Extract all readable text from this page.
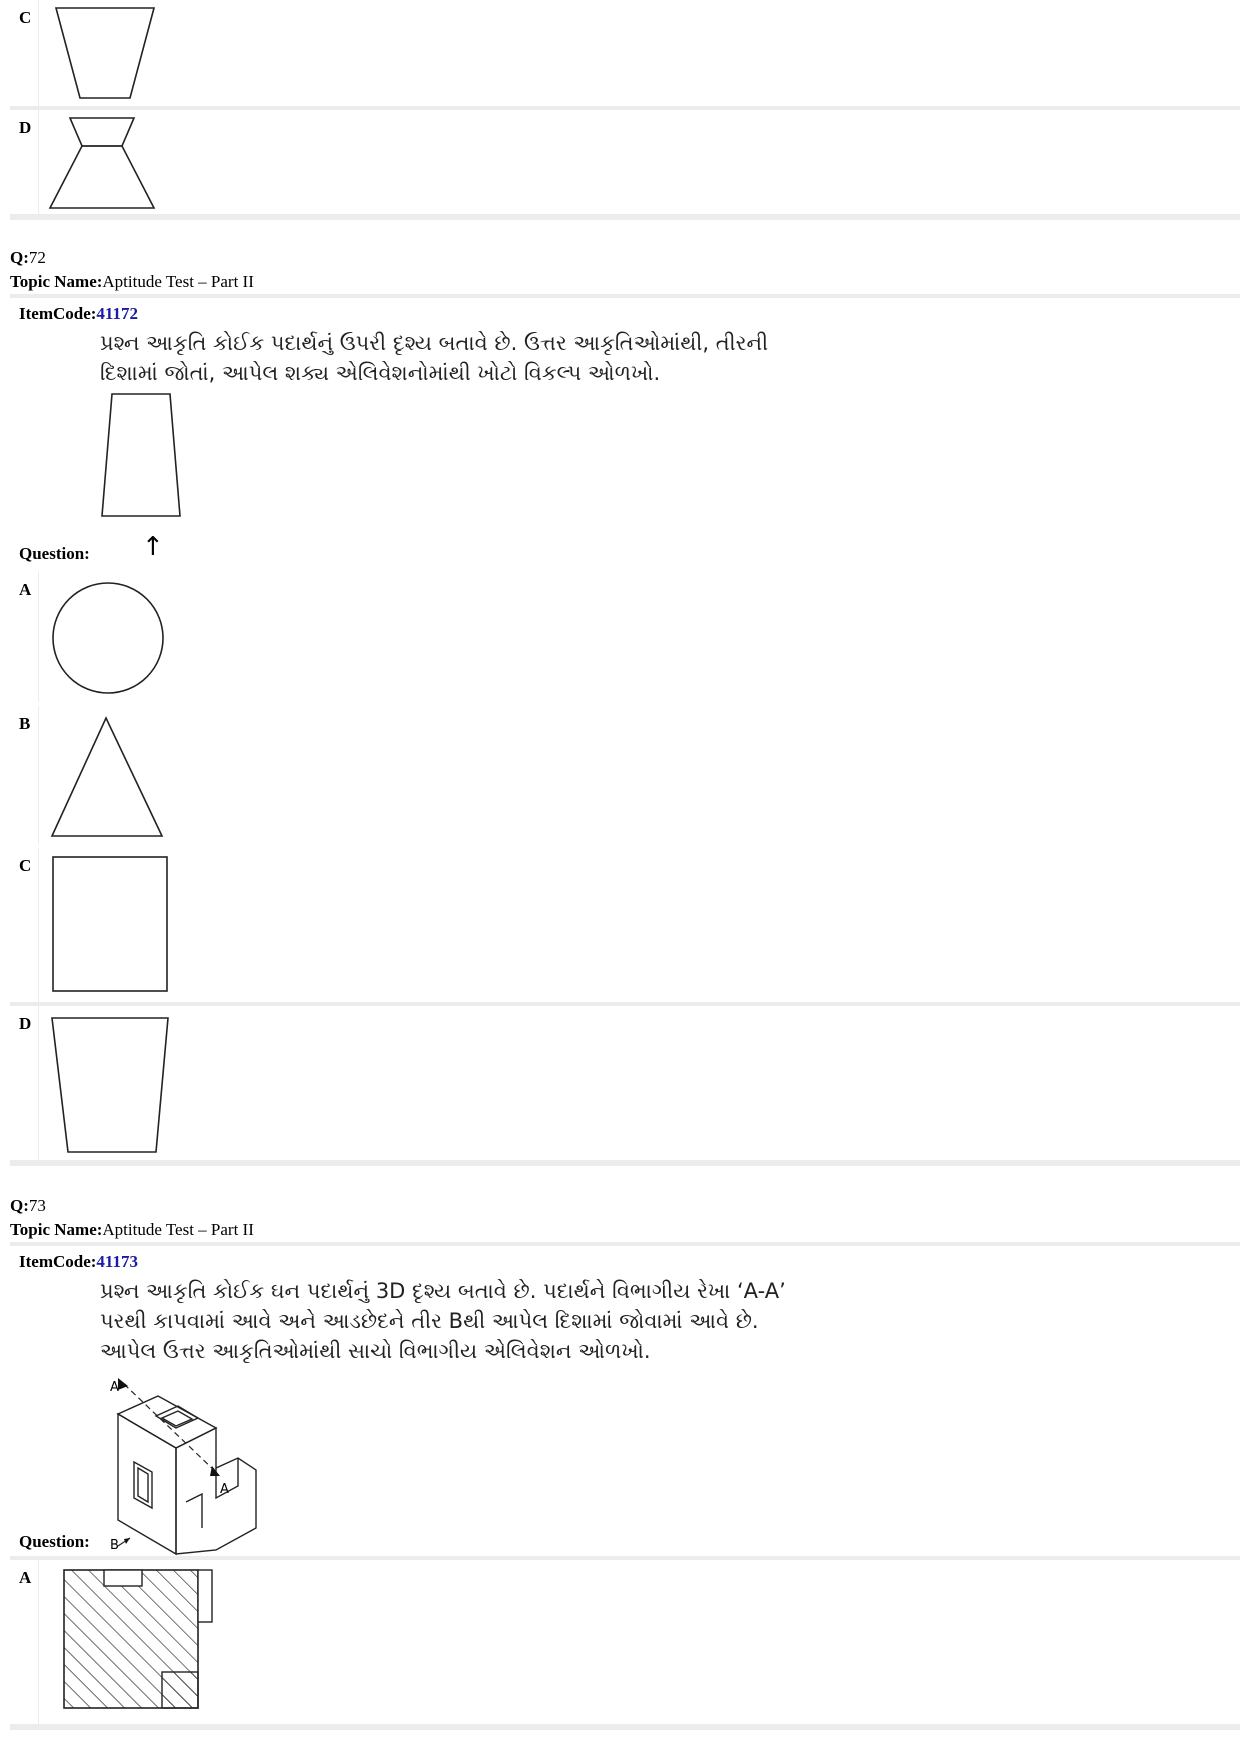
C
D
Q:72
Topic Name:Aptitude Test – Part II
ItemCode:41172
પ્રશ્ન આકૃતિ કોઈક પદાર્થનું ઉપરી દૃશ્ય બતાવે છે. ઉત્તર આકૃતિઓમાંથી, તીરની
દિશામાં જોતાં, આપેલ શક્ય એલિવેશનોમાંથી ખોટો વિકલ્પ ઓળખો.
Question: ↑
A
B
C
D
Q:73
Topic Name:Aptitude Test – Part II
ItemCode:41173
પ્રશ્ન આકૃતિ કોઈક ઘન પદાર્થનું 3D દૃશ્ય બતાવે છે. પદાર્થને વિભાગીય રેખા ‘A-A’
પરથી કાપવામાં આવે અને આડછેદને તીર Bથી આપેલ દિશામાં જોવામાં આવે છે.
આપેલ ઉત્તર આકૃતિઓમાંથી સાચો વિભાગીય એલિવેશન ઓળખો.
A
A
B
Question:
A
